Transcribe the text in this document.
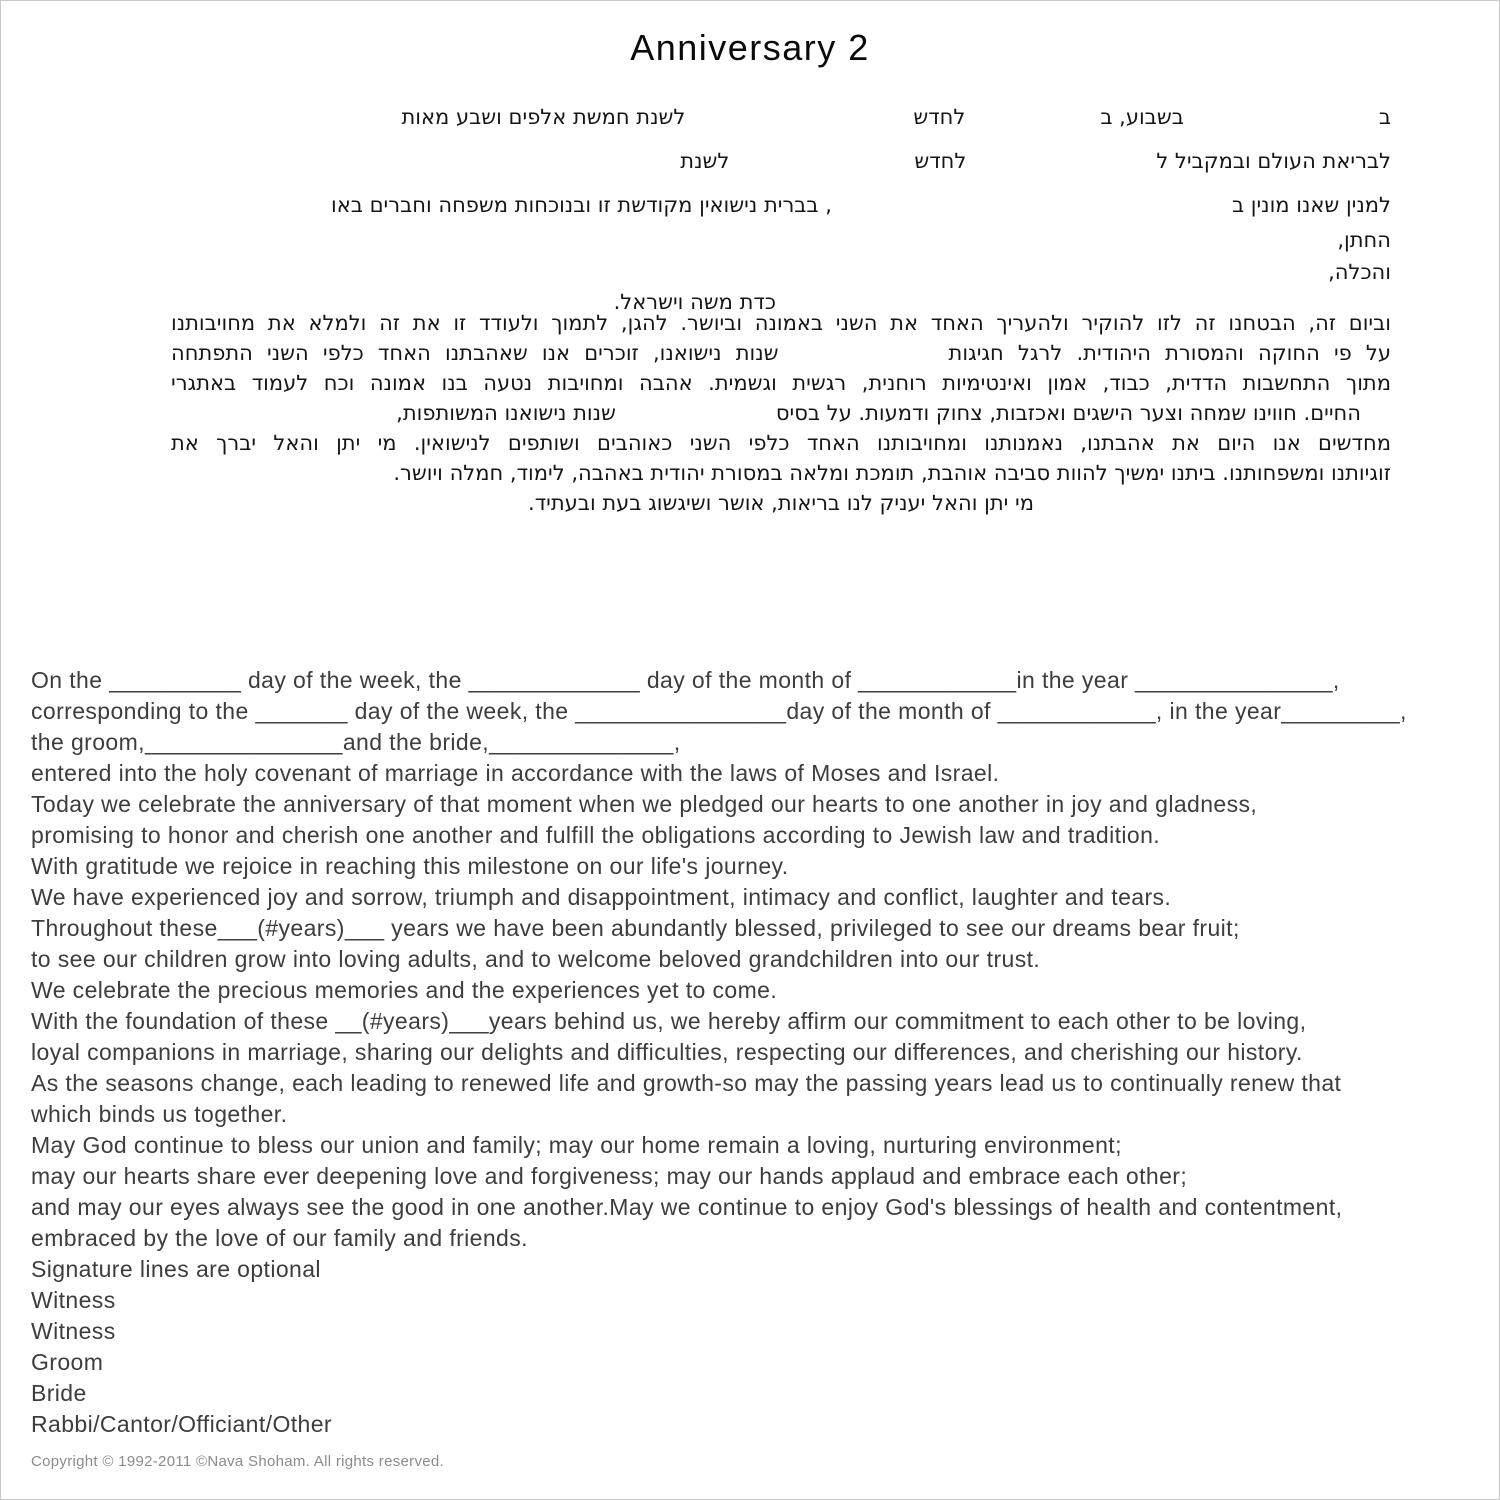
Anniversary 2
בבשבוע, בלחדשלשנת חמשת אלפים ושבע מאות
לבריאת העולם ובמקביל ללחדשלשנת
למנין שאנו מונין ב, בברית נישואין מקודשת זו ובנוכחות משפחה וחברים באו
החתן,
והכלה,
כדת משה וישראל.
וביום זה, הבטחנו זה לזו להוקיר ולהעריך האחד את השני באמונה וביושר. להגן, לתמוך ולעודד זו את זה ולמלא את מחויבותנו
על פי החוקה והמסורת היהודית. לרגל חגיגותשנות נישואנו, זוכרים אנו שאהבתנו האחד כלפי השני התפתחה
מתוך התחשבות הדדית, כבוד, אמון ואינטימיות רוחנית, רגשית וגשמית. אהבה ומחויבות נטעה בנו אמונה וכח לעמוד באתגרי
החיים. חווינו שמחה וצער הישגים ואכזבות, צחוק ודמעות. על בסיסשנות נישואנו המשותפות,
מחדשים אנו היום את אהבתנו, נאמנותנו ומחויבותנו האחד כלפי השני כאוהבים ושותפים לנישואין. מי יתן והאל יברך את
זוגיותנו ומשפחותנו. ביתנו ימשיך להוות סביבה אוהבת, תומכת ומלאה במסורת יהודית באהבה, לימוד, חמלה ויושר.
מי יתן והאל יעניק לנו בריאות, אושר ושיגשוג בעת ובעתיד.
On the __________ day of the week, the _____________ day of the month of ____________in the year _______________,
corresponding to the _______ day of the week, the ________________day of the month of ____________, in the year_________,
the groom,_______________and the bride,______________,
entered into the holy covenant of marriage in accordance with the laws of Moses and Israel.
Today we celebrate the anniversary of that moment when we pledged our hearts to one another in joy and gladness,
promising to honor and cherish one another and fulfill the obligations according to Jewish law and tradition.
With gratitude we rejoice in reaching this milestone on our life's journey.
We have experienced joy and sorrow, triumph and disappointment, intimacy and conflict, laughter and tears.
Throughout these___(#years)___ years we have been abundantly blessed, privileged to see our dreams bear fruit;
to see our children grow into loving adults, and to welcome beloved grandchildren into our trust.
We celebrate the precious memories and the experiences yet to come.
With the foundation of these __(#years)___years behind us, we hereby affirm our commitment to each other to be loving,
loyal companions in marriage, sharing our delights and difficulties, respecting our differences, and cherishing our history.
As the seasons change, each leading to renewed life and growth-so may the passing years lead us to continually renew that
which binds us together.
May God continue to bless our union and family; may our home remain a loving, nurturing environment;
may our hearts share ever deepening love and forgiveness; may our hands applaud and embrace each other;
and may our eyes always see the good in one another.May we continue to enjoy God's blessings of health and contentment,
embraced by the love of our family and friends.
Signature lines are optional
Witness
Witness
Groom
Bride
Rabbi/Cantor/Officiant/Other
Copyright © 1992-2011 ©Nava Shoham. All rights reserved.
